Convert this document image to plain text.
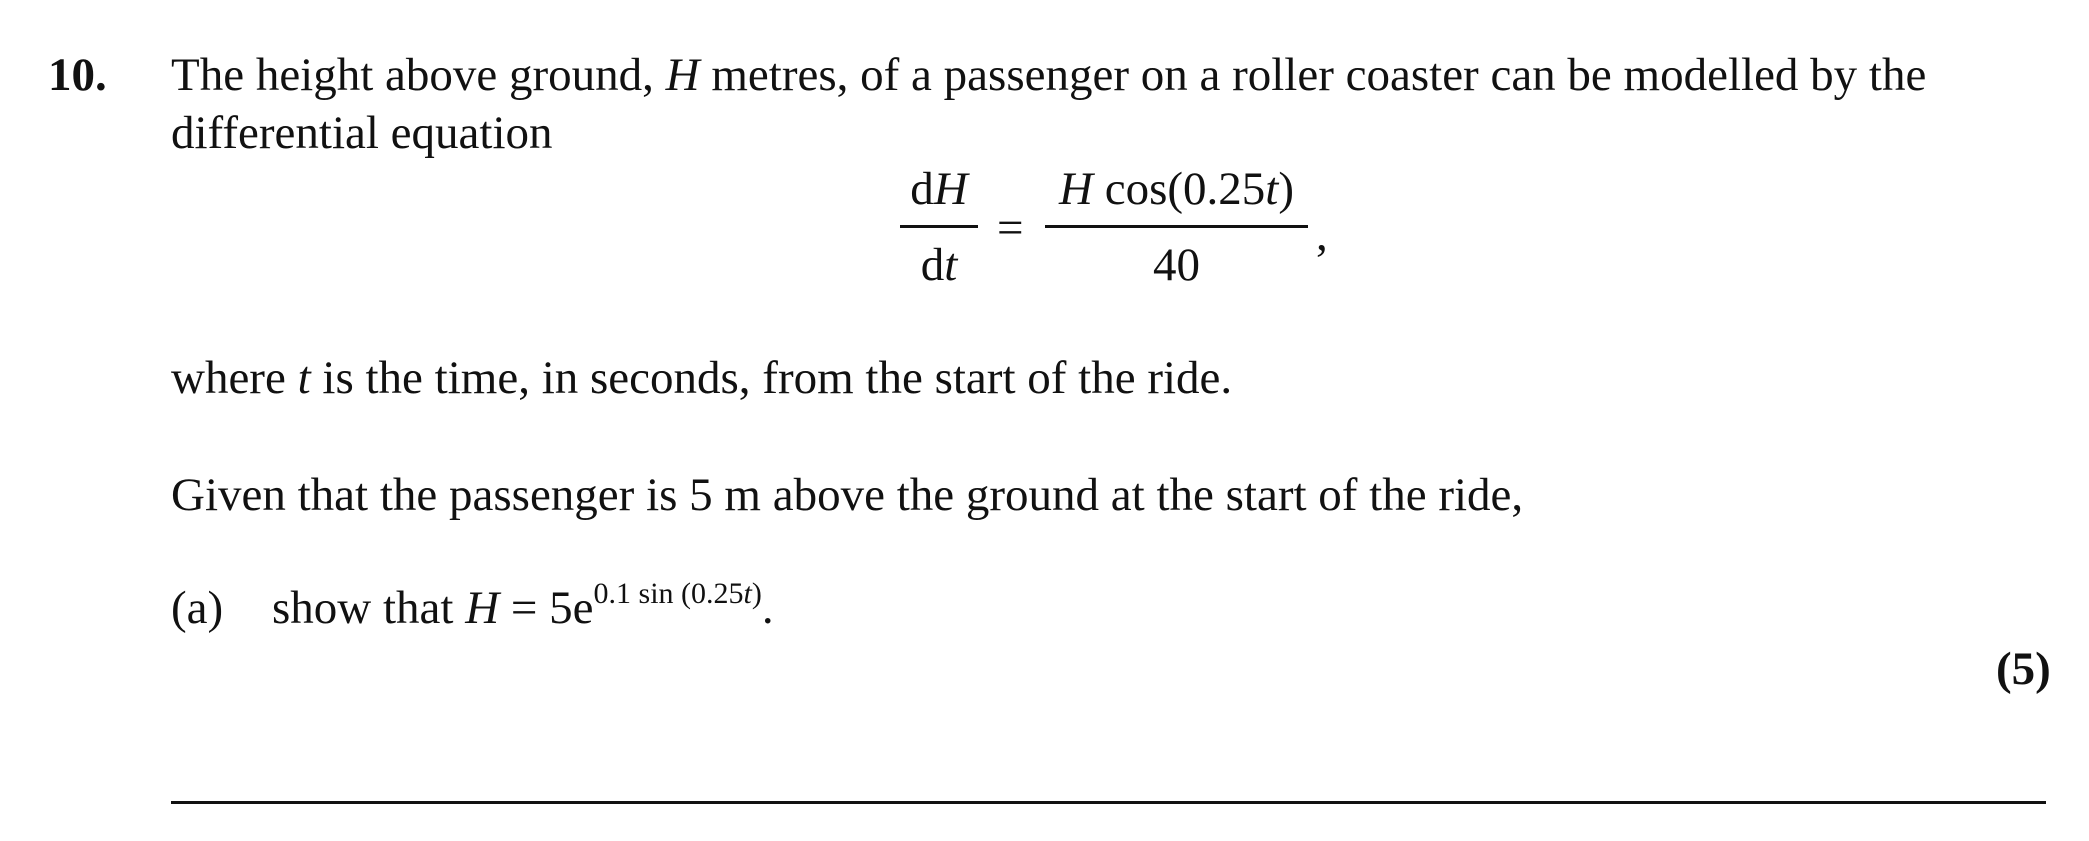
10. The height above ground, H metres, of a passenger on a roller coaster can be modelled by the
differential equation
dH
dt
=
H cos(0.25t)
40
,
where t is the time, in seconds, from the start of the ride.
Given that the passenger is 5 m above the ground at the start of the ride,
(a) show that $H = 5e^{0.1 sin (0.25t)}$.
(5)
